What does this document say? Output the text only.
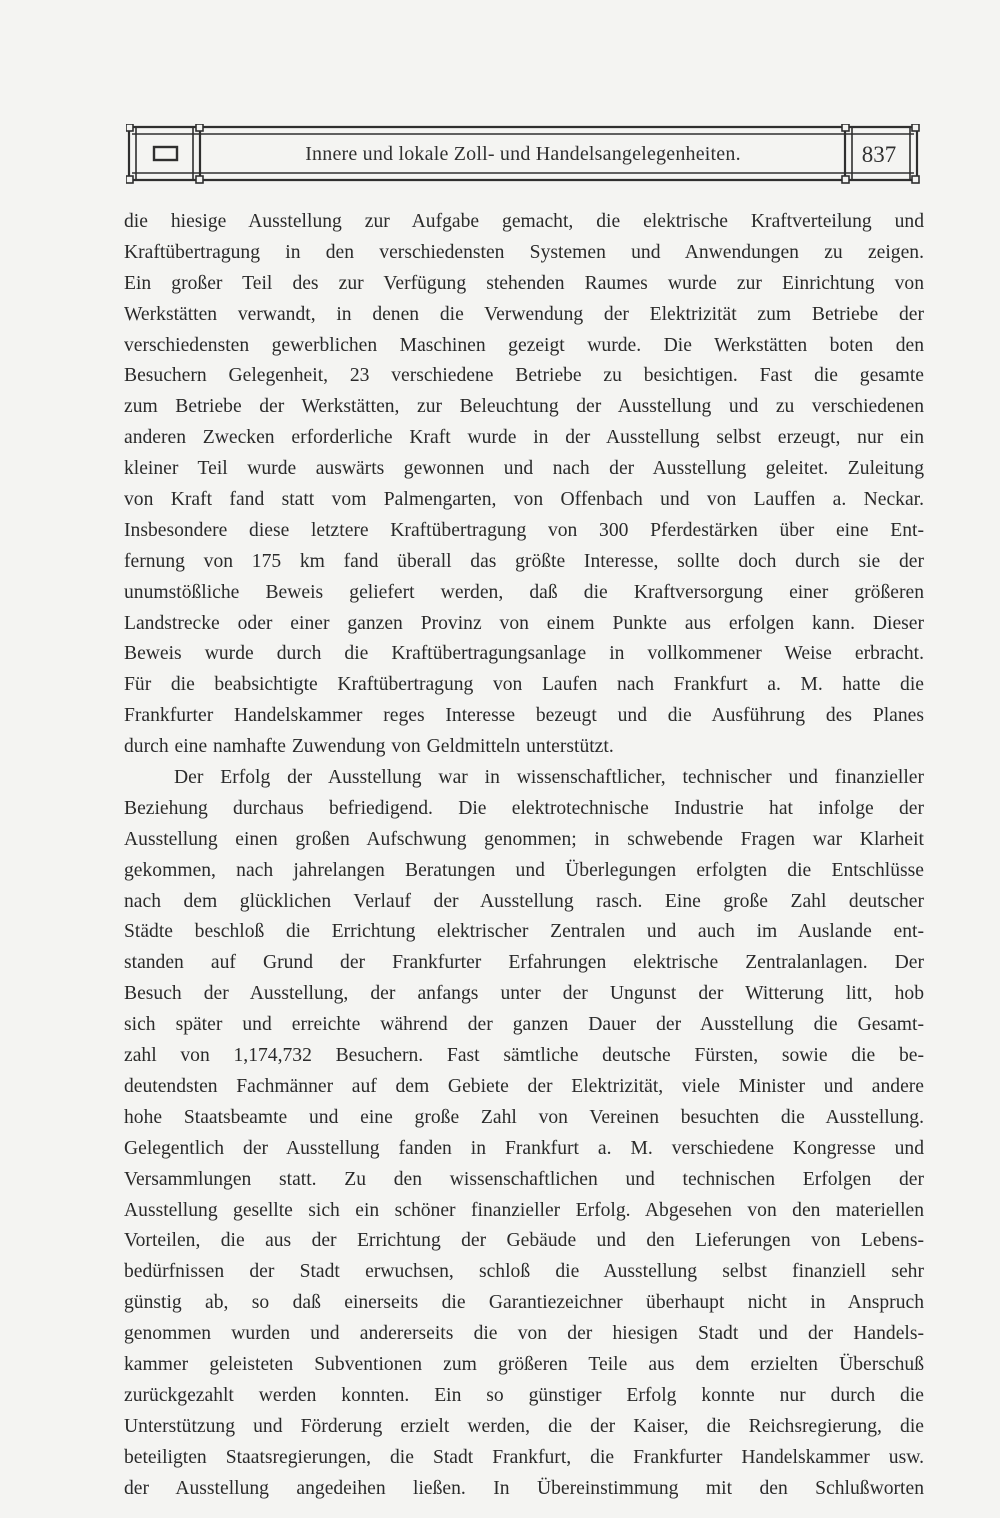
Innere und lokale Zoll- und Handelsangelegenheiten.	837
die hiesige Ausstellung zur Aufgabe gemacht, die elektrische Kraftverteilung und
Kraftübertragung in den verschiedensten Systemen und Anwendungen zu zeigen.
Ein großer Teil des zur Verfügung stehenden Raumes wurde zur Einrichtung von
Werkstätten verwandt, in denen die Verwendung der Elektrizität zum Betriebe der
verschiedensten gewerblichen Maschinen gezeigt wurde. Die Werkstätten boten den
Besuchern Gelegenheit, 23 verschiedene Betriebe zu besichtigen. Fast die gesamte
zum Betriebe der Werkstätten, zur Beleuchtung der Ausstellung und zu verschiedenen
anderen Zwecken erforderliche Kraft wurde in der Ausstellung selbst erzeugt, nur ein
kleiner Teil wurde auswärts gewonnen und nach der Ausstellung geleitet. Zuleitung
von Kraft fand statt vom Palmengarten, von Offenbach und von Lauffen a. Neckar.
Insbesondere diese letztere Kraftübertragung von 300 Pferdestärken über eine Ent-
fernung von 175 km fand überall das größte Interesse, sollte doch durch sie der
unumstößliche Beweis geliefert werden, daß die Kraftversorgung einer größeren
Landstrecke oder einer ganzen Provinz von einem Punkte aus erfolgen kann. Dieser
Beweis wurde durch die Kraftübertragungsanlage in vollkommener Weise erbracht.
Für die beabsichtigte Kraftübertragung von Laufen nach Frankfurt a. M. hatte die
Frankfurter Handelskammer reges Interesse bezeugt und die Ausführung des Planes
durch eine namhafte Zuwendung von Geldmitteln unterstützt.
Der Erfolg der Ausstellung war in wissenschaftlicher, technischer und finanzieller
Beziehung durchaus befriedigend. Die elektrotechnische Industrie hat infolge der
Ausstellung einen großen Aufschwung genommen; in schwebende Fragen war Klarheit
gekommen, nach jahrelangen Beratungen und Überlegungen erfolgten die Entschlüsse
nach dem glücklichen Verlauf der Ausstellung rasch. Eine große Zahl deutscher
Städte beschloß die Errichtung elektrischer Zentralen und auch im Auslande ent-
standen auf Grund der Frankfurter Erfahrungen elektrische Zentralanlagen. Der
Besuch der Ausstellung, der anfangs unter der Ungunst der Witterung litt, hob
sich später und erreichte während der ganzen Dauer der Ausstellung die Gesamt-
zahl von 1,174,732 Besuchern. Fast sämtliche deutsche Fürsten, sowie die be-
deutendsten Fachmänner auf dem Gebiete der Elektrizität, viele Minister und andere
hohe Staatsbeamte und eine große Zahl von Vereinen besuchten die Ausstellung.
Gelegentlich der Ausstellung fanden in Frankfurt a. M. verschiedene Kongresse und
Versammlungen statt. Zu den wissenschaftlichen und technischen Erfolgen der
Ausstellung gesellte sich ein schöner finanzieller Erfolg. Abgesehen von den materiellen
Vorteilen, die aus der Errichtung der Gebäude und den Lieferungen von Lebens-
bedürfnissen der Stadt erwuchsen, schloß die Ausstellung selbst finanziell sehr
günstig ab, so daß einerseits die Garantiezeichner überhaupt nicht in Anspruch
genommen wurden und andererseits die von der hiesigen Stadt und der Handels-
kammer geleisteten Subventionen zum größeren Teile aus dem erzielten Überschuß
zurückgezahlt werden konnten. Ein so günstiger Erfolg konnte nur durch die
Unterstützung und Förderung erzielt werden, die der Kaiser, die Reichsregierung, die
beteiligten Staatsregierungen, die Stadt Frankfurt, die Frankfurter Handelskammer usw.
der Ausstellung angedeihen ließen. In Übereinstimmung mit den Schlußworten
